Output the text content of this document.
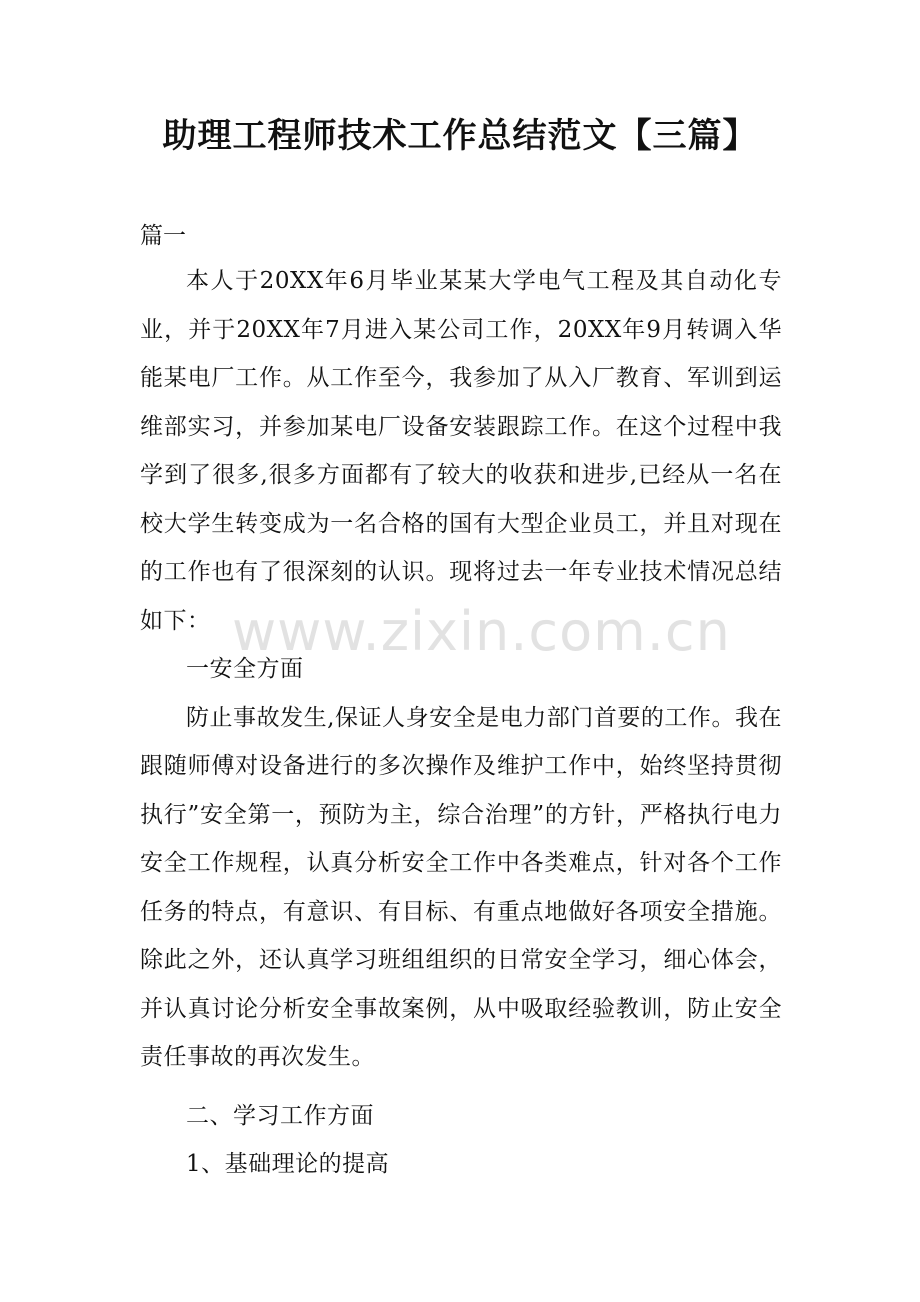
助理工程师技术工作总结范文【三篇】

篇一

本人于20XX年6月毕业某某大学电气工程及其自动化专业，并于20XX年7月进入某公司工作，20XX年9月转调入华能某电厂工作。从工作至今，我参加了从入厂教育、军训到运维部实习，并参加某电厂设备安装跟踪工作。在这个过程中我学到了很多,很多方面都有了较大的收获和进步,已经从一名在校大学生转变成为一名合格的国有大型企业员工，并且对现在的工作也有了很深刻的认识。现将过去一年专业技术情况总结如下：

一安全方面

防止事故发生,保证人身安全是电力部门首要的工作。我在跟随师傅对设备进行的多次操作及维护工作中，始终坚持贯彻执行”安全第一，预防为主，综合治理”的方针，严格执行电力安全工作规程，认真分析安全工作中各类难点，针对各个工作任务的特点，有意识、有目标、有重点地做好各项安全措施。除此之外，还认真学习班组组织的日常安全学习，细心体会，并认真讨论分析安全事故案例，从中吸取经验教训，防止安全责任事故的再次发生。

二、学习工作方面

1、基础理论的提高

www.zixin.com.cn
